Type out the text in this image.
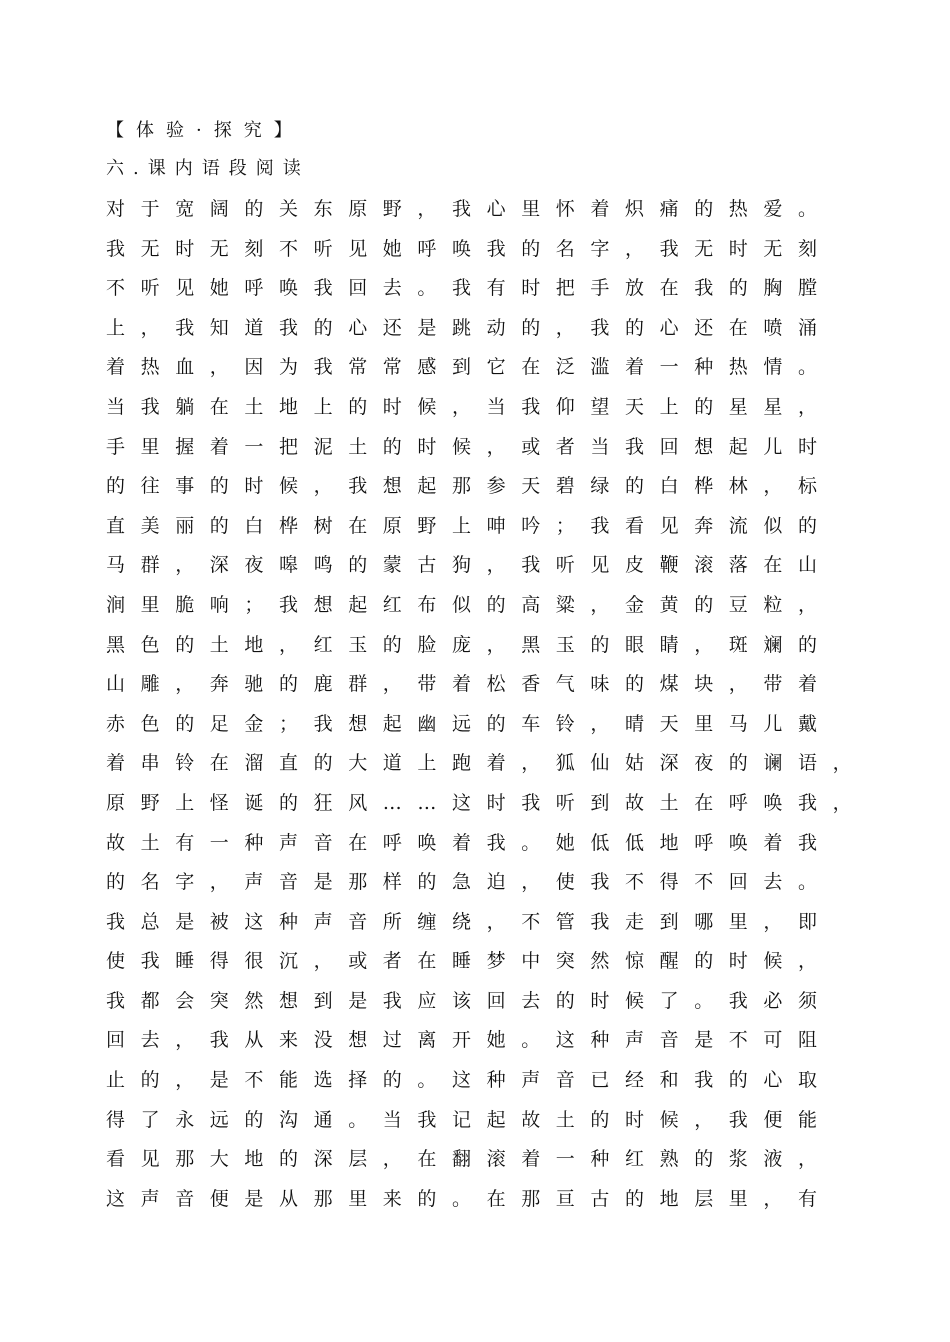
【体验·探究】
六.课内语段阅读
对于宽阔的关东原野，我心里怀着炽痛的热爱。
我无时无刻不听见她呼唤我的名字，我无时无刻
不听见她呼唤我回去。我有时把手放在我的胸膛
上，我知道我的心还是跳动的，我的心还在喷涌
着热血，因为我常常感到它在泛滥着一种热情。
当我躺在土地上的时候，当我仰望天上的星星，
手里握着一把泥土的时候，或者当我回想起儿时
的往事的时候，我想起那参天碧绿的白桦林，标
直美丽的白桦树在原野上呻吟；我看见奔流似的
马群，深夜嗥鸣的蒙古狗，我听见皮鞭滚落在山
涧里脆响；我想起红布似的高粱，金黄的豆粒，
黑色的土地，红玉的脸庞，黑玉的眼睛，斑斓的
山雕，奔驰的鹿群，带着松香气味的煤块，带着
赤色的足金；我想起幽远的车铃，晴天里马儿戴
着串铃在溜直的大道上跑着，狐仙姑深夜的谰语，
原野上怪诞的狂风……这时我听到故土在呼唤我，
故土有一种声音在呼唤着我。她低低地呼唤着我
的名字，声音是那样的急迫，使我不得不回去。
我总是被这种声音所缠绕，不管我走到哪里，即
使我睡得很沉，或者在睡梦中突然惊醒的时候，
我都会突然想到是我应该回去的时候了。我必须
回去，我从来没想过离开她。这种声音是不可阻
止的，是不能选择的。这种声音已经和我的心取
得了永远的沟通。当我记起故土的时候，我便能
看见那大地的深层，在翻滚着一种红熟的浆液，
这声音便是从那里来的。在那亘古的地层里，有
